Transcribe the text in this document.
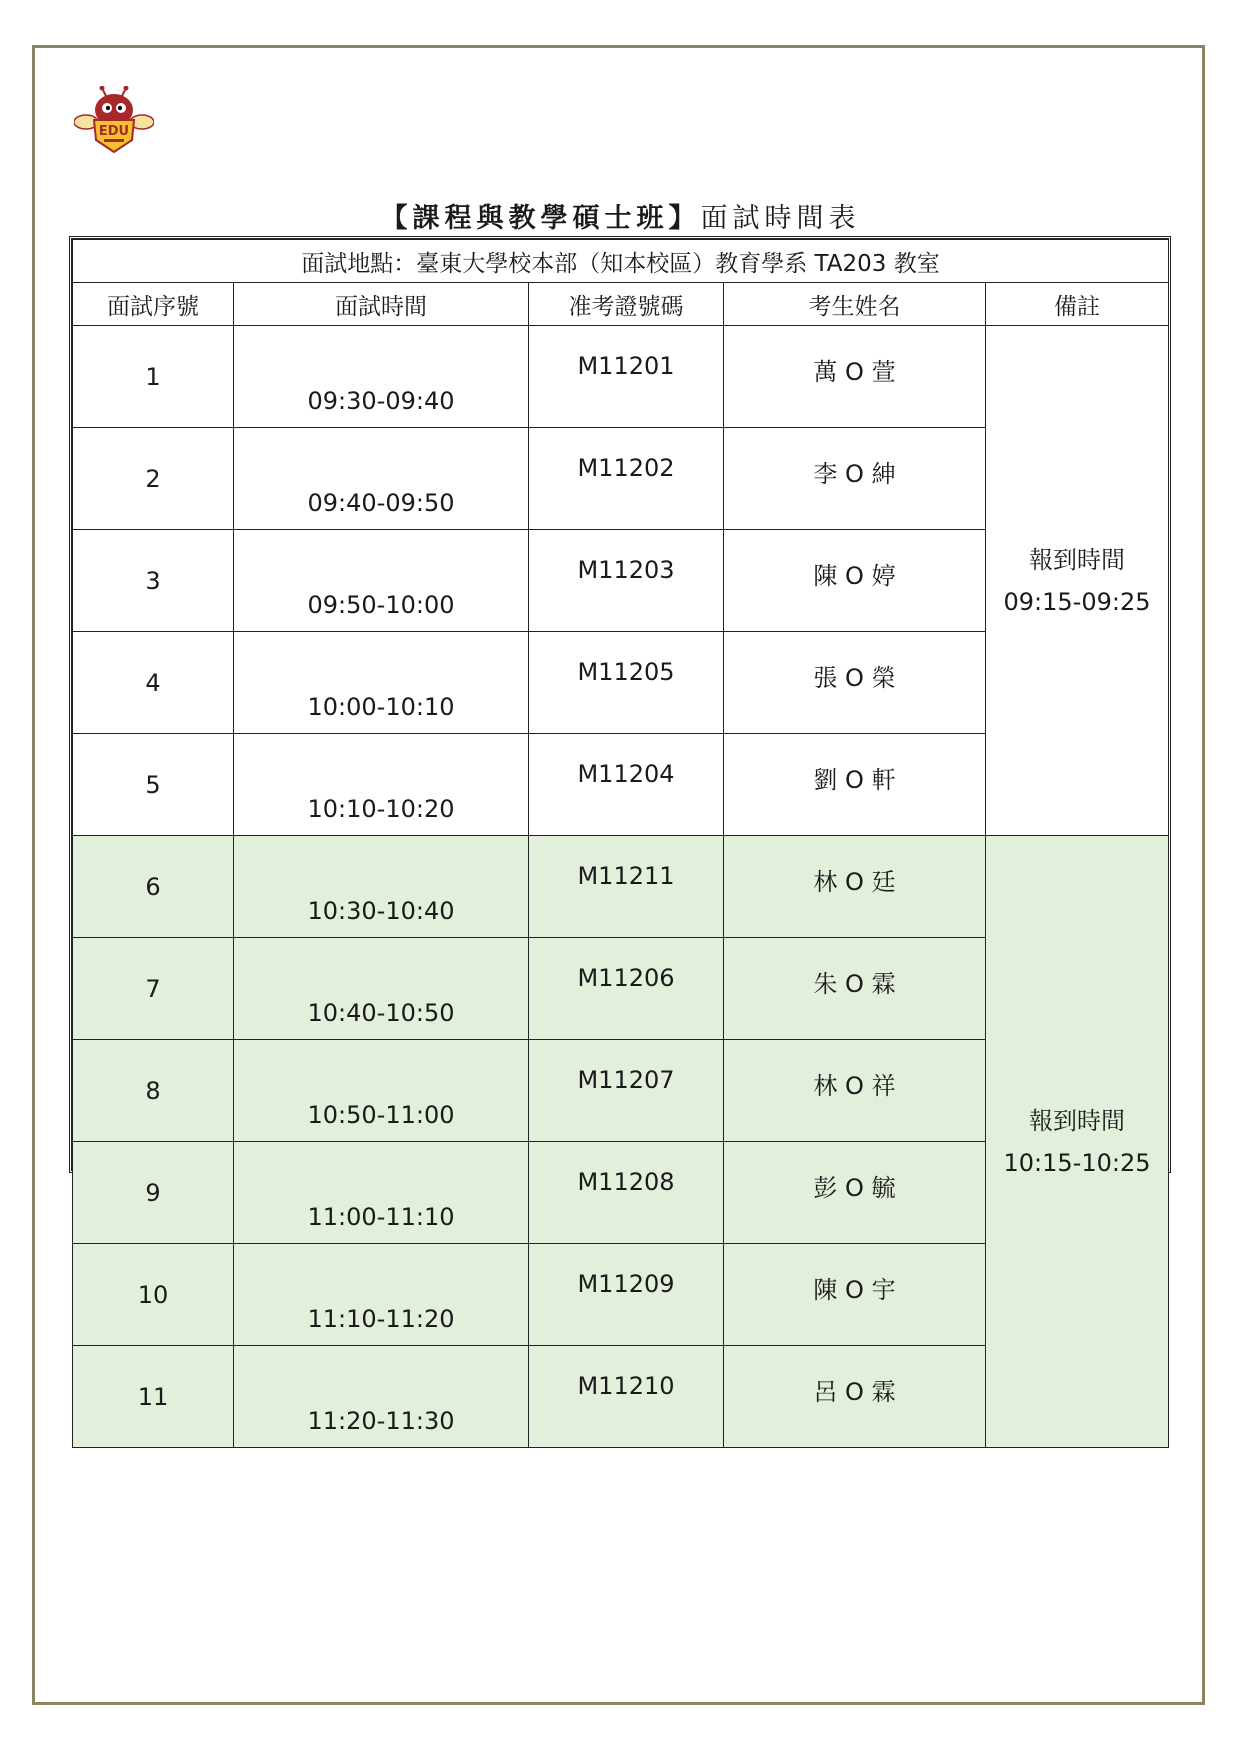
EDU
【課程與教學碩士班】面試時間表
面試地點：臺東大學校本部（知本校區）教育學系 TA203 教室				
面試序號	面試時間	准考證號碼	考生姓名	備註
1	09:30-09:40	M11201	萬 O 萱	報到時間
09:15-09:25

2	09:40-09:50	M11202	李 O 紳	
3	09:50-10:00	M11203	陳 O 婷	
4	10:00-10:10	M11205	張 O 榮	
5	10:10-10:20	M11204	劉 O 軒	
6	10:30-10:40	M11211	林 O 廷	報到時間
10:15-10:25

7	10:40-10:50	M11206	朱 O 霖	
8	10:50-11:00	M11207	林 O 祥	
9	11:00-11:10	M11208	彭 O 毓	
10	11:10-11:20	M11209	陳 O 宇	
11	11:20-11:30	M11210	呂 O 霖	
